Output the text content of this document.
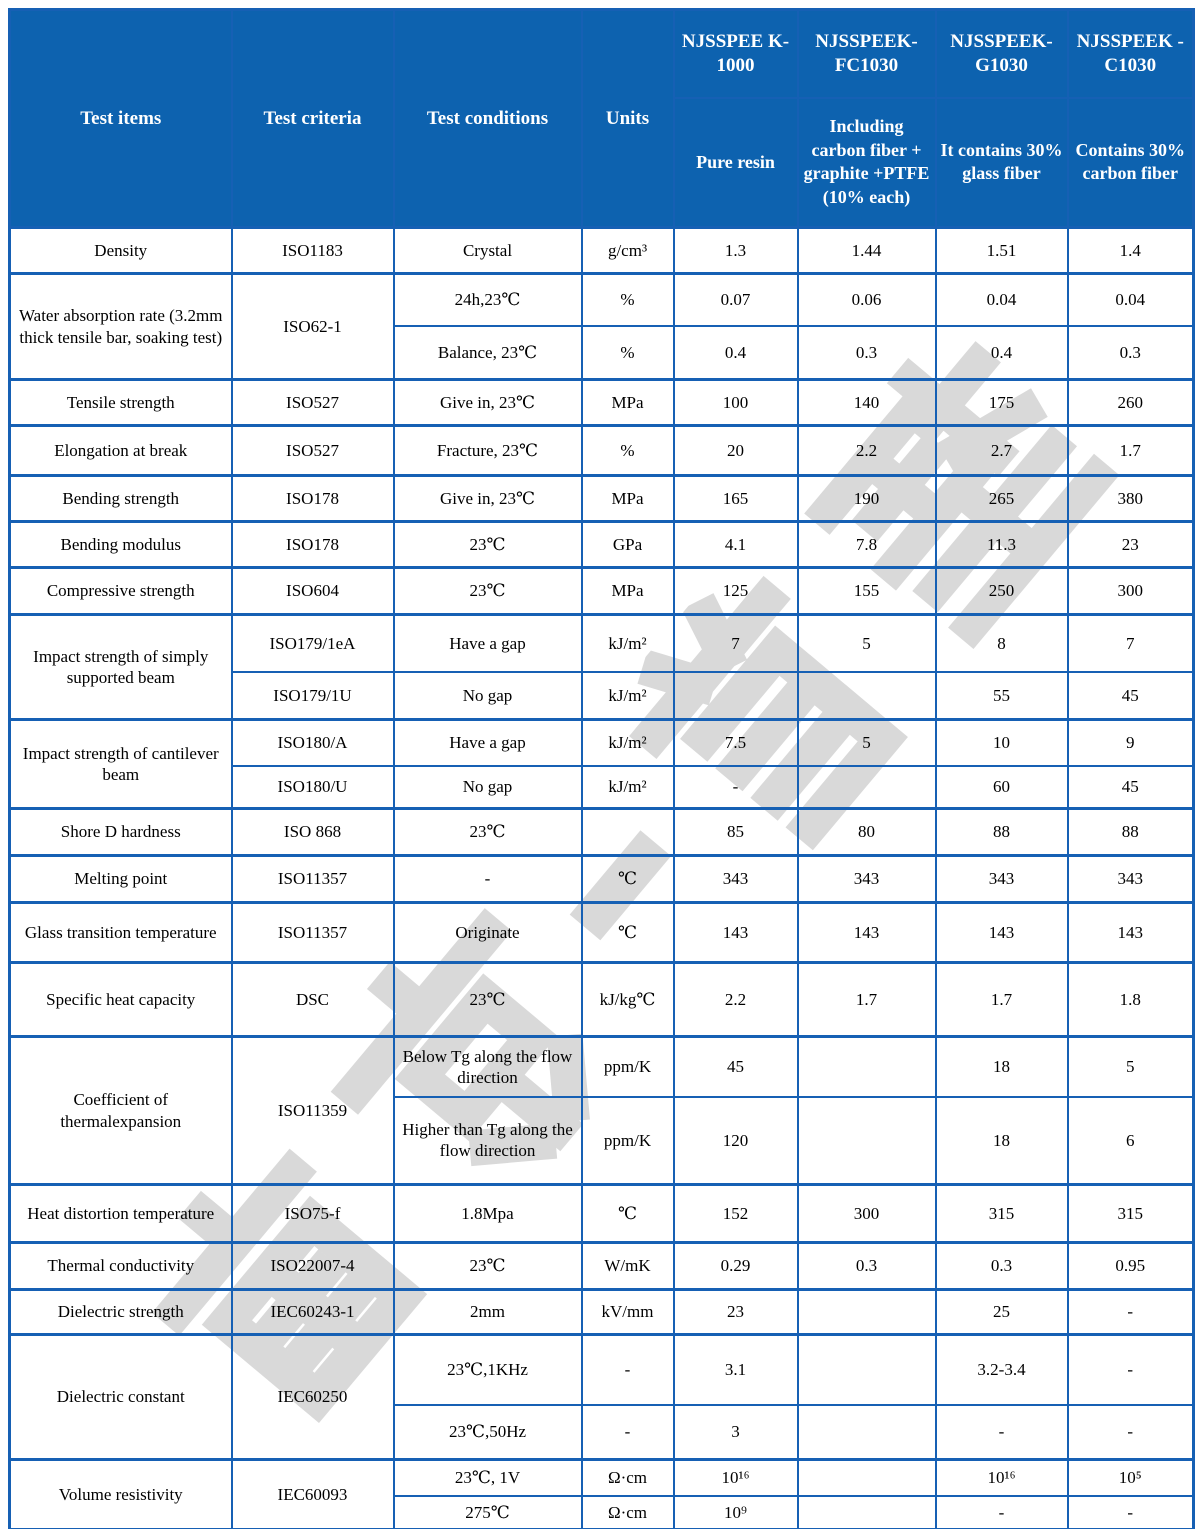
Test items	Test criteria	Test conditions	Units	NJSSPEE K-1000	NJSSPEEK-FC1030	NJSSPEEK-G1030	NJSSPEEK -C1030
				Pure resin	Including carbon fiber + graphite +PTFE (10% each)	It contains 30% glass fiber	Contains 30% carbon fiber
Density	ISO1183	Crystal	g/cm³	1.3	1.44	1.51	1.4
Water absorption rate (3.2mm thick tensile bar, soaking test)	ISO62-1	24h,23℃	%	0.07	0.06	0.04	0.04
		Balance, 23℃	%	0.4	0.3	0.4	0.3
Tensile strength	ISO527	Give in, 23℃	MPa	100	140	175	260
Elongation at break	ISO527	Fracture, 23℃	%	20	2.2	2.7	1.7
Bending strength	ISO178	Give in, 23℃	MPa	165	190	265	380
Bending modulus	ISO178	23℃	GPa	4.1	7.8	11.3	23
Compressive strength	ISO604	23℃	MPa	125	155	250	300
Impact strength of simply supported beam	ISO179/1eA	Have a gap	kJ/m²	7	5	8	7
	ISO179/1U	No gap	kJ/m²			55	45
Impact strength of cantilever beam	ISO180/A	Have a gap	kJ/m²	7.5	5	10	9
	ISO180/U	No gap	kJ/m²	-		60	45
Shore D hardness	ISO 868	23℃		85	80	88	88
Melting point	ISO11357	-	℃	343	343	343	343
Glass transition temperature	ISO11357	Originate	℃	143	143	143	143
Specific heat capacity	DSC	23℃	kJ/kg℃	2.2	1.7	1.7	1.8
Coefficient of thermalexpansion	ISO11359	Below Tg along the flow direction	ppm/K	45		18	5
		Higher than Tg along the flow direction	ppm/K	120		18	6
Heat distortion temperature	ISO75-f	1.8Mpa	℃	152	300	315	315
Thermal conductivity	ISO22007-4	23℃	W/mK	0.29	0.3	0.3	0.95
Dielectric strength	IEC60243-1	2mm	kV/mm	23		25	-
Dielectric constant	IEC60250	23℃,1KHz	-	3.1		3.2-3.4	-
		23℃,50Hz	-	3		-	-
Volume resistivity	IEC60093	23℃, 1V	Ω·cm	10¹⁶		10¹⁶	10⁵
		275℃	Ω·cm	10⁹		-	-
